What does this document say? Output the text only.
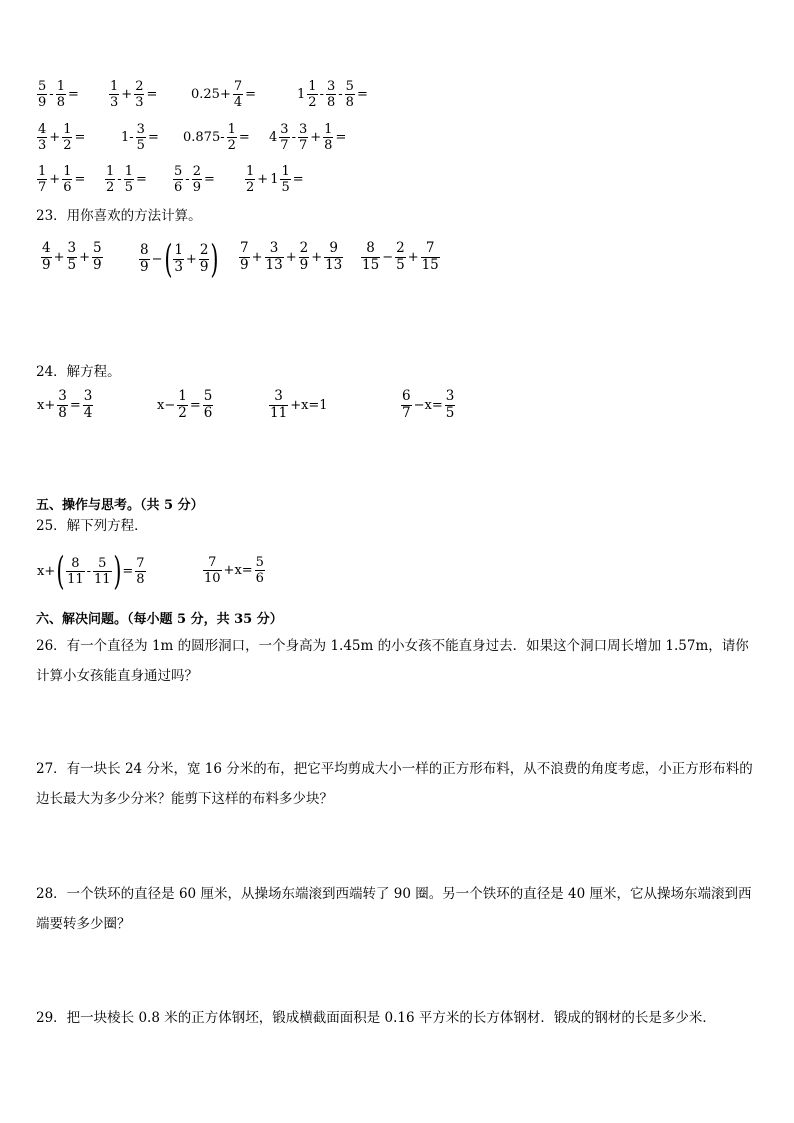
$\frac{5}{9} - \frac{1}{8} = \frac{1}{3} + \frac{2}{3}$ =	$0.25+ \frac{7}{4}$ =	$1 \frac{1}{2} - \frac{3}{8} - \frac{5}{8}$ =
$\frac{4}{3} + \frac{1}{2}$ =	$1- \frac{3}{5} = 0.875- \frac{1}{2} = 4 \frac{3}{7} - \frac{3}{7} + \frac{1}{8}$ =
$\frac{1}{7} + \frac{1}{6} = \frac{1}{2} - \frac{1}{5} = \frac{5}{6} - \frac{2}{9} = \frac{1}{2} + 1 \frac{1}{5}$ =
23．用你喜欢的方法计算。
$\frac{4}{9} + \frac{3}{5} + \frac{5}{9}$	$\frac{8}{9}$ − ( $\frac{1}{3} + \frac{2}{9}$ ) $\frac{7}{9} + \frac{3}{13} + \frac{2}{9} + \frac{9}{13} \frac{8}{15} - \frac{2}{5} + \frac{7}{15}$
24．解方程。
$x+ \frac{3}{8} = \frac{3}{4}$	$x- \frac{1}{2} = \frac{5}{6}$	$\frac{3}{11} +x=1$	$\frac{6}{7} -x= \frac{3}{5}$
五、操作与思考。（共 5 分）
25．解下列方程．
x+ ( $\frac{8}{11} - \frac{5}{11}$ ) = $\frac{7}{8}$	$\frac{7}{10} +x= \frac{5}{6}$
六、解决问题。（每小题 5 分，共 35 分）
26．有一个直径为 1m 的圆形洞口，一个身高为 1.45m 的小女孩不能直身过去．如果这个洞口周长增加 1.57m，请你计算小女孩能直身通过吗？
27．有一块长 24 分米，宽 16 分米的布，把它平均剪成大小一样的正方形布料，从不浪费的角度考虑，小正方形布料的边长最大为多少分米？能剪下这样的布料多少块？
28．一个铁环的直径是 60 厘米，从操场东端滚到西端转了 90 圈。另一个铁环的直径是 40 厘米，它从操场东端滚到西端要转多少圈？
29．把一块棱长 0.8 米的正方体钢坯，锻成横截面面积是 0.16 平方米的长方体钢材．锻成的钢材的长是多少米．
